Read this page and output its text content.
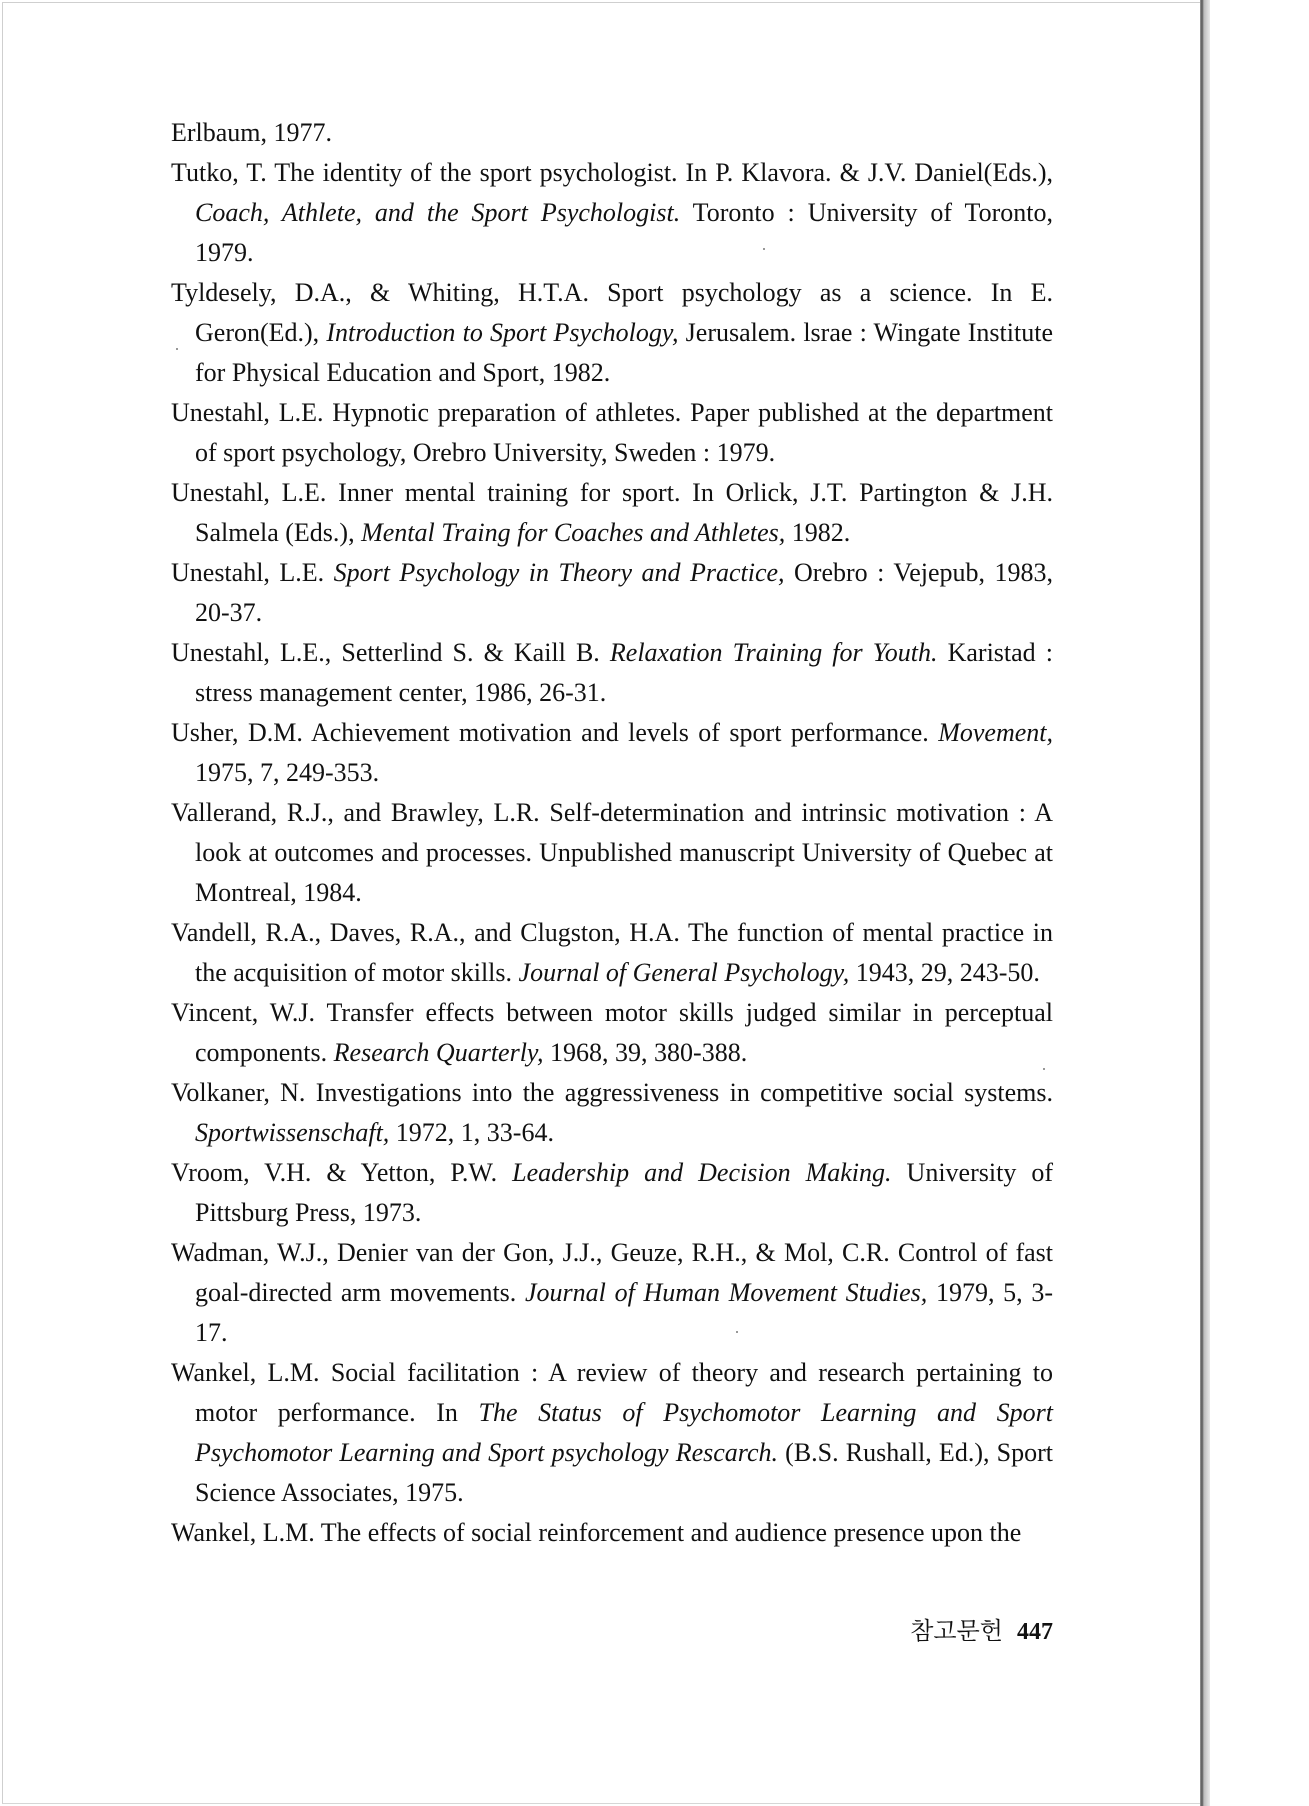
Erlbaum, 1977.

Tutko, T. The identity of the sport psychologist. In P. Klavora. & J.V. Daniel(Eds.), Coach, Athlete, and the Sport Psychologist. Toronto : University of Toronto, 1979.

Tyldesely, D.A., & Whiting, H.T.A. Sport psychology as a science. In E. Geron(Ed.), Introduction to Sport Psychology, Jerusalem. lsrae : Wingate Institute for Physical Education and Sport, 1982.

Unestahl, L.E. Hypnotic preparation of athletes. Paper published at the department of sport psychology, Orebro University, Sweden : 1979.

Unestahl, L.E. Inner mental training for sport. In Orlick, J.T. Partington & J.H. Salmela (Eds.), Mental Traing for Coaches and Athletes, 1982.

Unestahl, L.E. Sport Psychology in Theory and Practice, Orebro : Vejepub, 1983, 20-37.

Unestahl, L.E., Setterlind S. & Kaill B. Relaxation Training for Youth. Karistad : stress management center, 1986, 26-31.

Usher, D.M. Achievement motivation and levels of sport performance. Movement, 1975, 7, 249-353.

Vallerand, R.J., and Brawley, L.R. Self-determination and intrinsic motivation : A look at outcomes and processes. Unpublished manuscript University of Quebec at Montreal, 1984.

Vandell, R.A., Daves, R.A., and Clugston, H.A. The function of mental practice in the acquisition of motor skills. Journal of General Psychology, 1943, 29, 243-50.

Vincent, W.J. Transfer effects between motor skills judged similar in perceptual components. Research Quarterly, 1968, 39, 380-388.

Volkaner, N. Investigations into the aggressiveness in competitive social systems. Sportwissenschaft, 1972, 1, 33-64.

Vroom, V.H. & Yetton, P.W. Leadership and Decision Making. University of Pittsburg Press, 1973.

Wadman, W.J., Denier van der Gon, J.J., Geuze, R.H., & Mol, C.R. Control of fast goal-directed arm movements. Journal of Human Movement Studies, 1979, 5, 3-17.

Wankel, L.M. Social facilitation : A review of theory and research pertaining to motor performance. In The Status of Psychomotor Learning and Sport Psychomotor Learning and Sport psychology Rescarch. (B.S. Rushall, Ed.), Sport Science Associates, 1975.

Wankel, L.M. The effects of social reinforcement and audience presence upon the

참고문헌 447
